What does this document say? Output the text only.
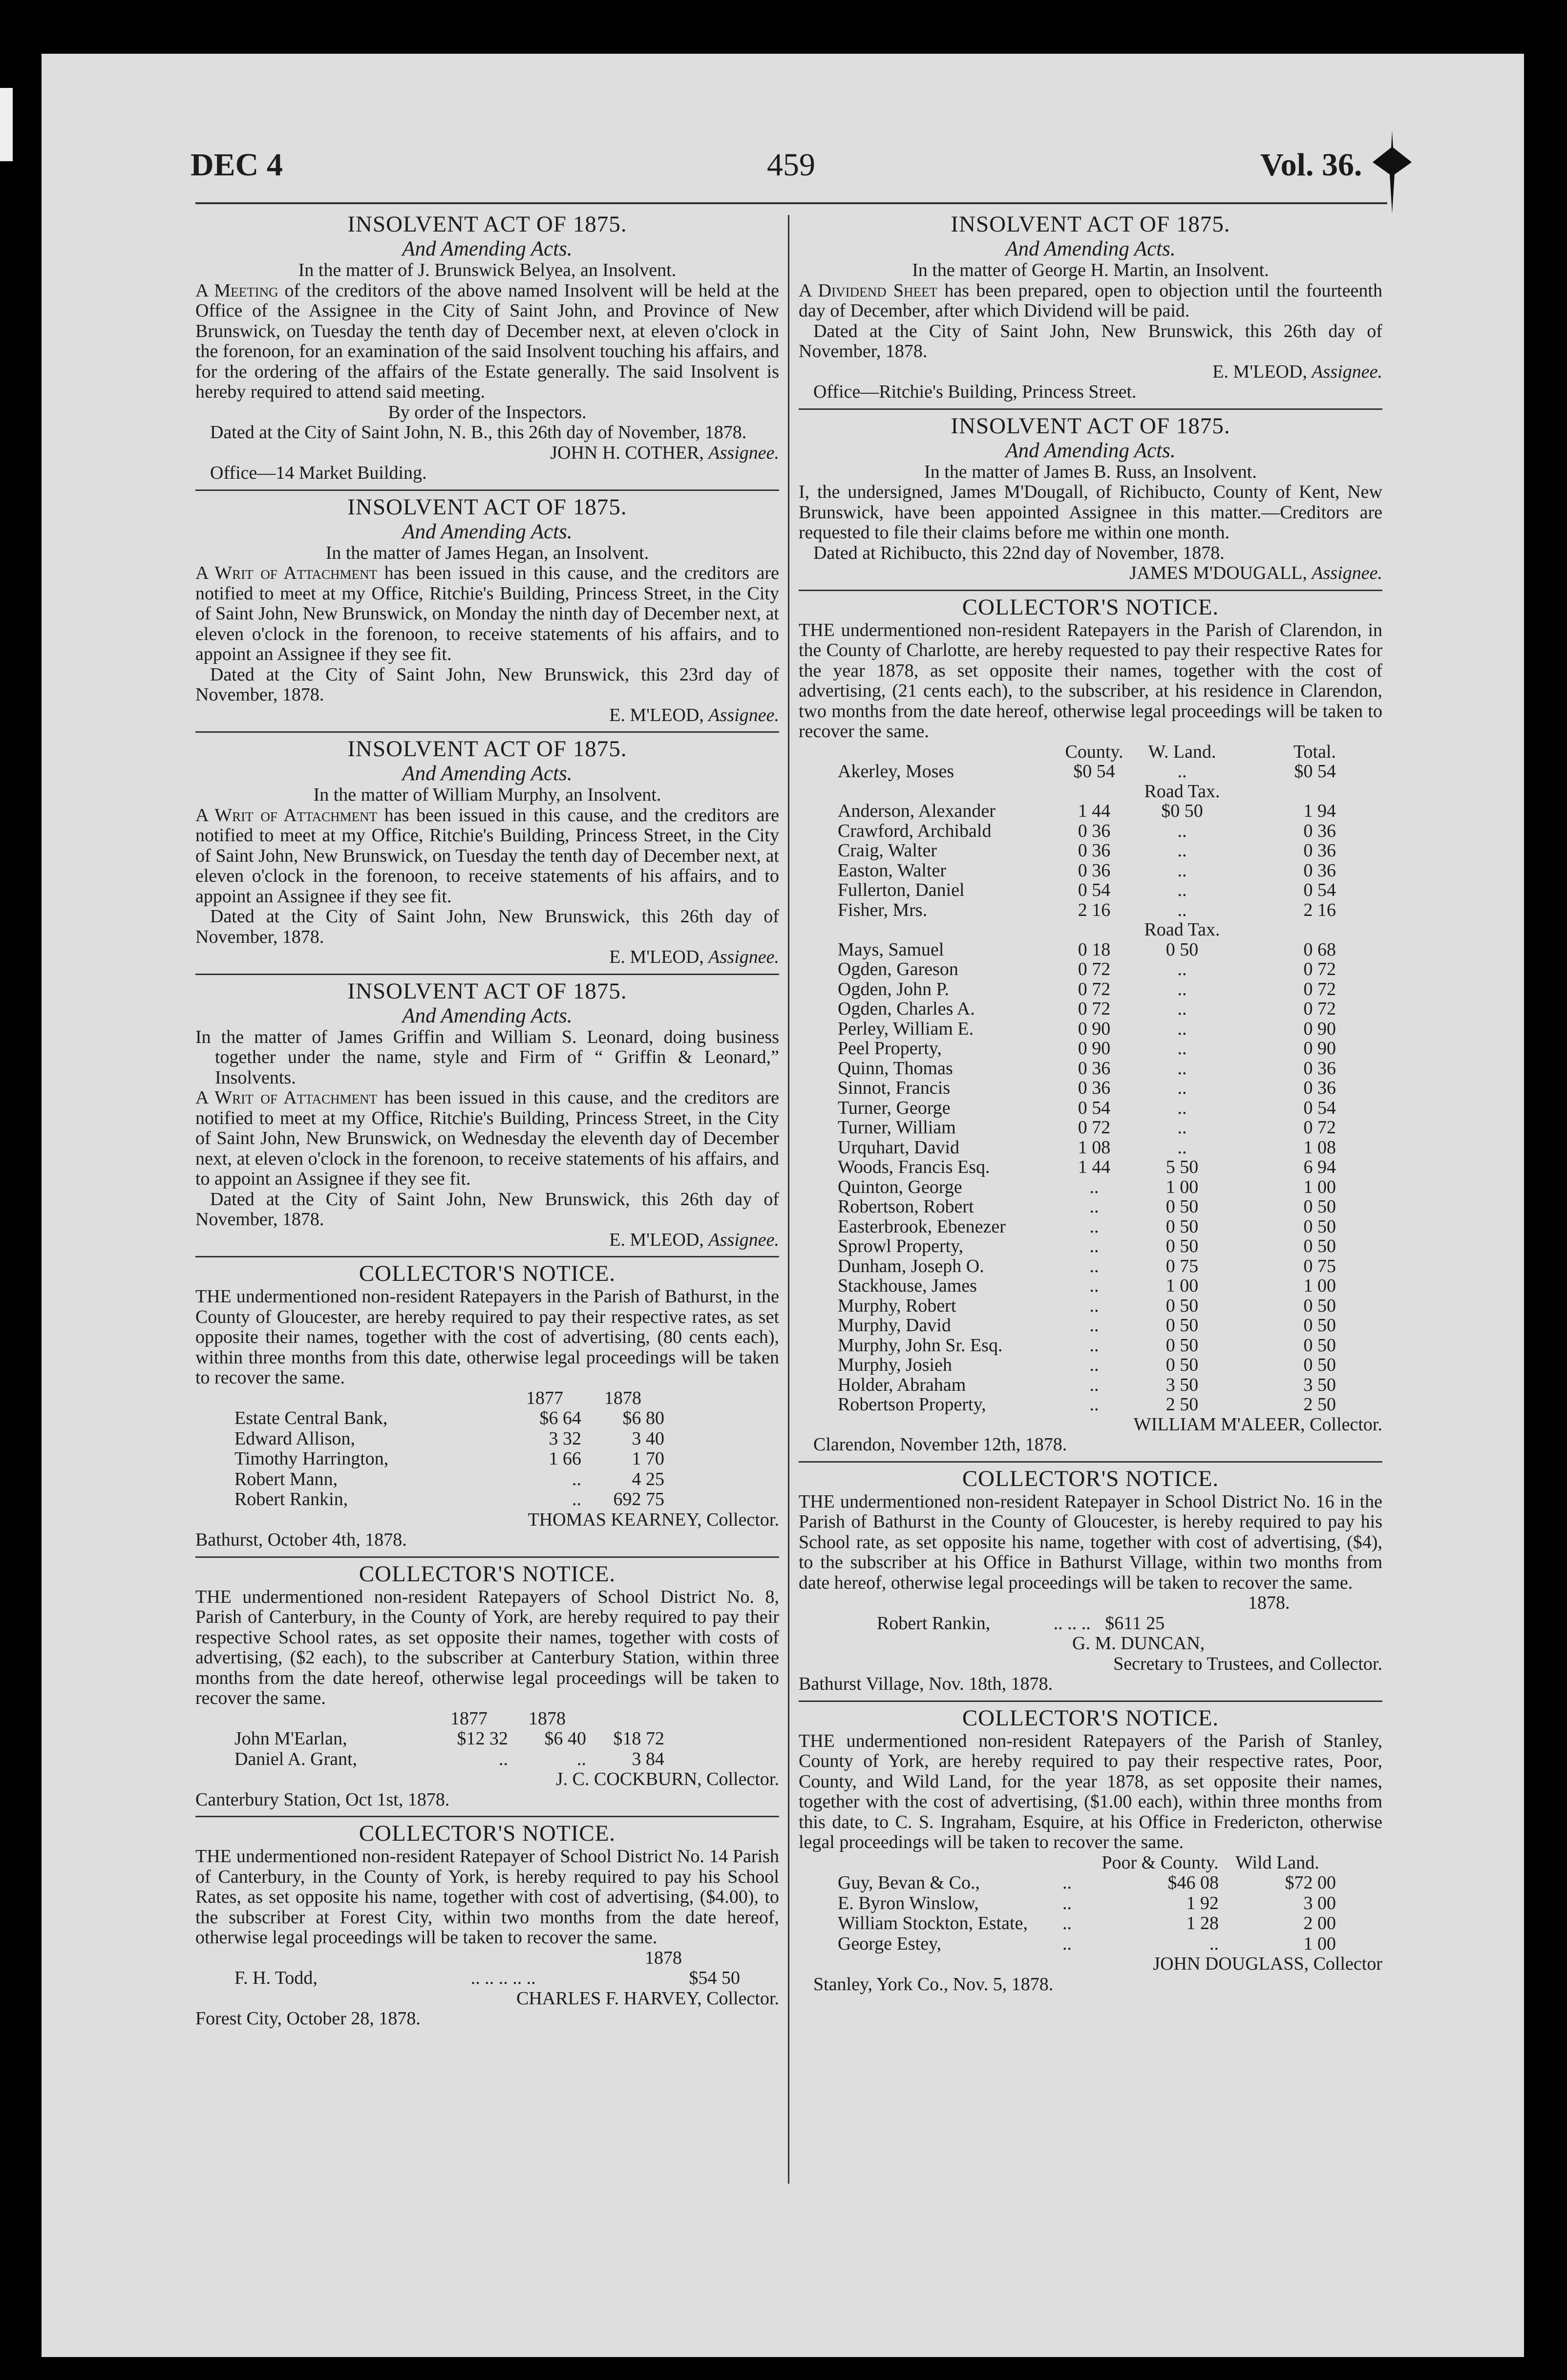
DEC 4	459	Vol. 36.
INSOLVENT ACT OF 1875.
And Amending Acts.
In the matter of J. Brunswick Belyea, an Insolvent.

A Meeting of the creditors of the above named Insolvent will be held at the Office of the Assignee in the City of Saint John, and Province of New Brunswick, on Tuesday the tenth day of December next, at eleven o'clock in the forenoon, for an examination of the said Insolvent touching his affairs, and for the ordering of the affairs of the Estate generally. The said Insolvent is hereby required to attend said meeting.

By order of the Inspectors.

Dated at the City of Saint John, N. B., this 26th day of November, 1878.

JOHN H. COTHER, Assignee.

Office—14 Market Building.

INSOLVENT ACT OF 1875.
And Amending Acts.
In the matter of James Hegan, an Insolvent.

A Writ of Attachment has been issued in this cause, and the creditors are notified to meet at my Office, Ritchie's Building, Princess Street, in the City of Saint John, New Brunswick, on Monday the ninth day of December next, at eleven o'clock in the forenoon, to receive statements of his affairs, and to appoint an Assignee if they see fit.

Dated at the City of Saint John, New Brunswick, this 23rd day of November, 1878.

E. M'LEOD, Assignee.
INSOLVENT ACT OF 1875.
And Amending Acts.
In the matter of William Murphy, an Insolvent.

A Writ of Attachment has been issued in this cause, and the creditors are notified to meet at my Office, Ritchie's Building, Princess Street, in the City of Saint John, New Brunswick, on Tuesday the tenth day of December next, at eleven o'clock in the forenoon, to receive statements of his affairs, and to appoint an Assignee if they see fit.

Dated at the City of Saint John, New Brunswick, this 26th day of November, 1878.

E. M'LEOD, Assignee.
INSOLVENT ACT OF 1875.
And Amending Acts.

In the matter of James Griffin and William S. Leonard, doing business together under the name, style and Firm of “ Griffin & Leonard,” Insolvents.

A Writ of Attachment has been issued in this cause, and the creditors are notified to meet at my Office, Ritchie's Building, Princess Street, in the City of Saint John, New Brunswick, on Wednesday the eleventh day of December next, at eleven o'clock in the forenoon, to receive statements of his affairs, and to appoint an Assignee if they see fit.

Dated at the City of Saint John, New Brunswick, this 26th day of November, 1878.

E. M'LEOD, Assignee.
COLLECTOR'S NOTICE.

THE undermentioned non-resident Ratepayers in the Parish of Bathurst, in the County of Gloucester, are hereby required to pay their respective rates, as set opposite their names, together with the cost of advertising, (80 cents each), within three months from this date, otherwise legal proceedings will be taken to recover the same.

	1877	1878
Estate Central Bank,	$6 64	$6 80
Edward Allison,	3 32	3 40
Timothy Harrington,	1 66	1 70
Robert Mann,	..	4 25
Robert Rankin,	..	692 75
THOMAS KEARNEY, Collector.

Bathurst, October 4th, 1878.

COLLECTOR'S NOTICE.

THE undermentioned non-resident Ratepayers of School District No. 8, Parish of Canterbury, in the County of York, are hereby required to pay their respective School rates, as set opposite their names, together with costs of advertising, ($2 each), to the subscriber at Canterbury Station, within three months from the date hereof, otherwise legal proceedings will be taken to recover the same.

	1877	1878	
John M'Earlan,	$12 32	$6 40	$18 72
Daniel A. Grant,	..	..	3 84
J. C. COCKBURN, Collector.

Canterbury Station, Oct 1st, 1878.

COLLECTOR'S NOTICE.

THE undermentioned non-resident Ratepayer of School District No. 14 Parish of Canterbury, in the County of York, is hereby required to pay his School Rates, as set opposite his name, together with cost of advertising, ($4.00), to the subscriber at Forest City, within two months from the date hereof, otherwise legal proceedings will be taken to recover the same.

1878
F. H. Todd,	.. .. .. .. ..	$54 50
CHARLES F. HARVEY, Collector.

Forest City, October 28, 1878.

INSOLVENT ACT OF 1875.
And Amending Acts.
In the matter of George H. Martin, an Insolvent.

A Dividend Sheet has been prepared, open to objection until the fourteenth day of December, after which Dividend will be paid.

Dated at the City of Saint John, New Brunswick, this 26th day of November, 1878.

E. M'LEOD, Assignee.

Office—Ritchie's Building, Princess Street.

INSOLVENT ACT OF 1875.
And Amending Acts.
In the matter of James B. Russ, an Insolvent.

I, the undersigned, James M'Dougall, of Richibucto, County of Kent, New Brunswick, have been appointed Assignee in this matter.—Creditors are requested to file their claims before me within one month.

Dated at Richibucto, this 22nd day of November, 1878.

JAMES M'DOUGALL, Assignee.
COLLECTOR'S NOTICE.

THE undermentioned non-resident Ratepayers in the Parish of Clarendon, in the County of Charlotte, are hereby requested to pay their respective Rates for the year 1878, as set opposite their names, together with the cost of advertising, (21 cents each), to the subscriber, at his residence in Clarendon, two months from the date hereof, otherwise legal proceedings will be taken to recover the same.

	County.	W. Land.	Total.
Akerley, Moses	$0 54	..	$0 54
		Road Tax.	
Anderson, Alexander	1 44	$0 50	1 94
Crawford, Archibald	0 36	..	0 36
Craig, Walter	0 36	..	0 36
Easton, Walter	0 36	..	0 36
Fullerton, Daniel	0 54	..	0 54
Fisher, Mrs.	2 16	..	2 16
		Road Tax.	
Mays, Samuel	0 18	0 50	0 68
Ogden, Gareson	0 72	..	0 72
Ogden, John P.	0 72	..	0 72
Ogden, Charles A.	0 72	..	0 72
Perley, William E.	0 90	..	0 90
Peel Property,	0 90	..	0 90
Quinn, Thomas	0 36	..	0 36
Sinnot, Francis	0 36	..	0 36
Turner, George	0 54	..	0 54
Turner, William	0 72	..	0 72
Urquhart, David	1 08	..	1 08
Woods, Francis Esq.	1 44	5 50	6 94
Quinton, George	..	1 00	1 00
Robertson, Robert	..	0 50	0 50
Easterbrook, Ebenezer	..	0 50	0 50
Sprowl Property,	..	0 50	0 50
Dunham, Joseph O.	..	0 75	0 75
Stackhouse, James	..	1 00	1 00
Murphy, Robert	..	0 50	0 50
Murphy, David	..	0 50	0 50
Murphy, John Sr. Esq.	..	0 50	0 50
Murphy, Josieh	..	0 50	0 50
Holder, Abraham	..	3 50	3 50
Robertson Property,	..	2 50	2 50
WILLIAM M'ALEER, Collector.

Clarendon, November 12th, 1878.

COLLECTOR'S NOTICE.

THE undermentioned non-resident Ratepayer in School District No. 16 in the Parish of Bathurst in the County of Gloucester, is hereby required to pay his School rate, as set opposite his name, together with cost of advertising, ($4), to the subscriber at his Office in Bathurst Village, within two months from date hereof, otherwise legal proceedings will be taken to recover the same.

1878.
Robert Rankin,	.. .. .. $611 25
G. M. DUNCAN,
Secretary to Trustees, and Collector.

Bathurst Village, Nov. 18th, 1878.

COLLECTOR'S NOTICE.

THE undermentioned non-resident Ratepayers of the Parish of Stanley, County of York, are hereby required to pay their respective rates, Poor, County, and Wild Land, for the year 1878, as set opposite their names, together with the cost of advertising, ($1.00 each), within three months from this date, to C. S. Ingraham, Esquire, at his Office in Fredericton, otherwise legal proceedings will be taken to recover the same.

		Poor & County.	Wild Land.
Guy, Bevan & Co.,	..	$46 08	$72 00
E. Byron Winslow,	..	1 92	3 00
William Stockton, Estate,	..	1 28	2 00
George Estey,	..	..	1 00
JOHN DOUGLASS, Collector

Stanley, York Co., Nov. 5, 1878.
